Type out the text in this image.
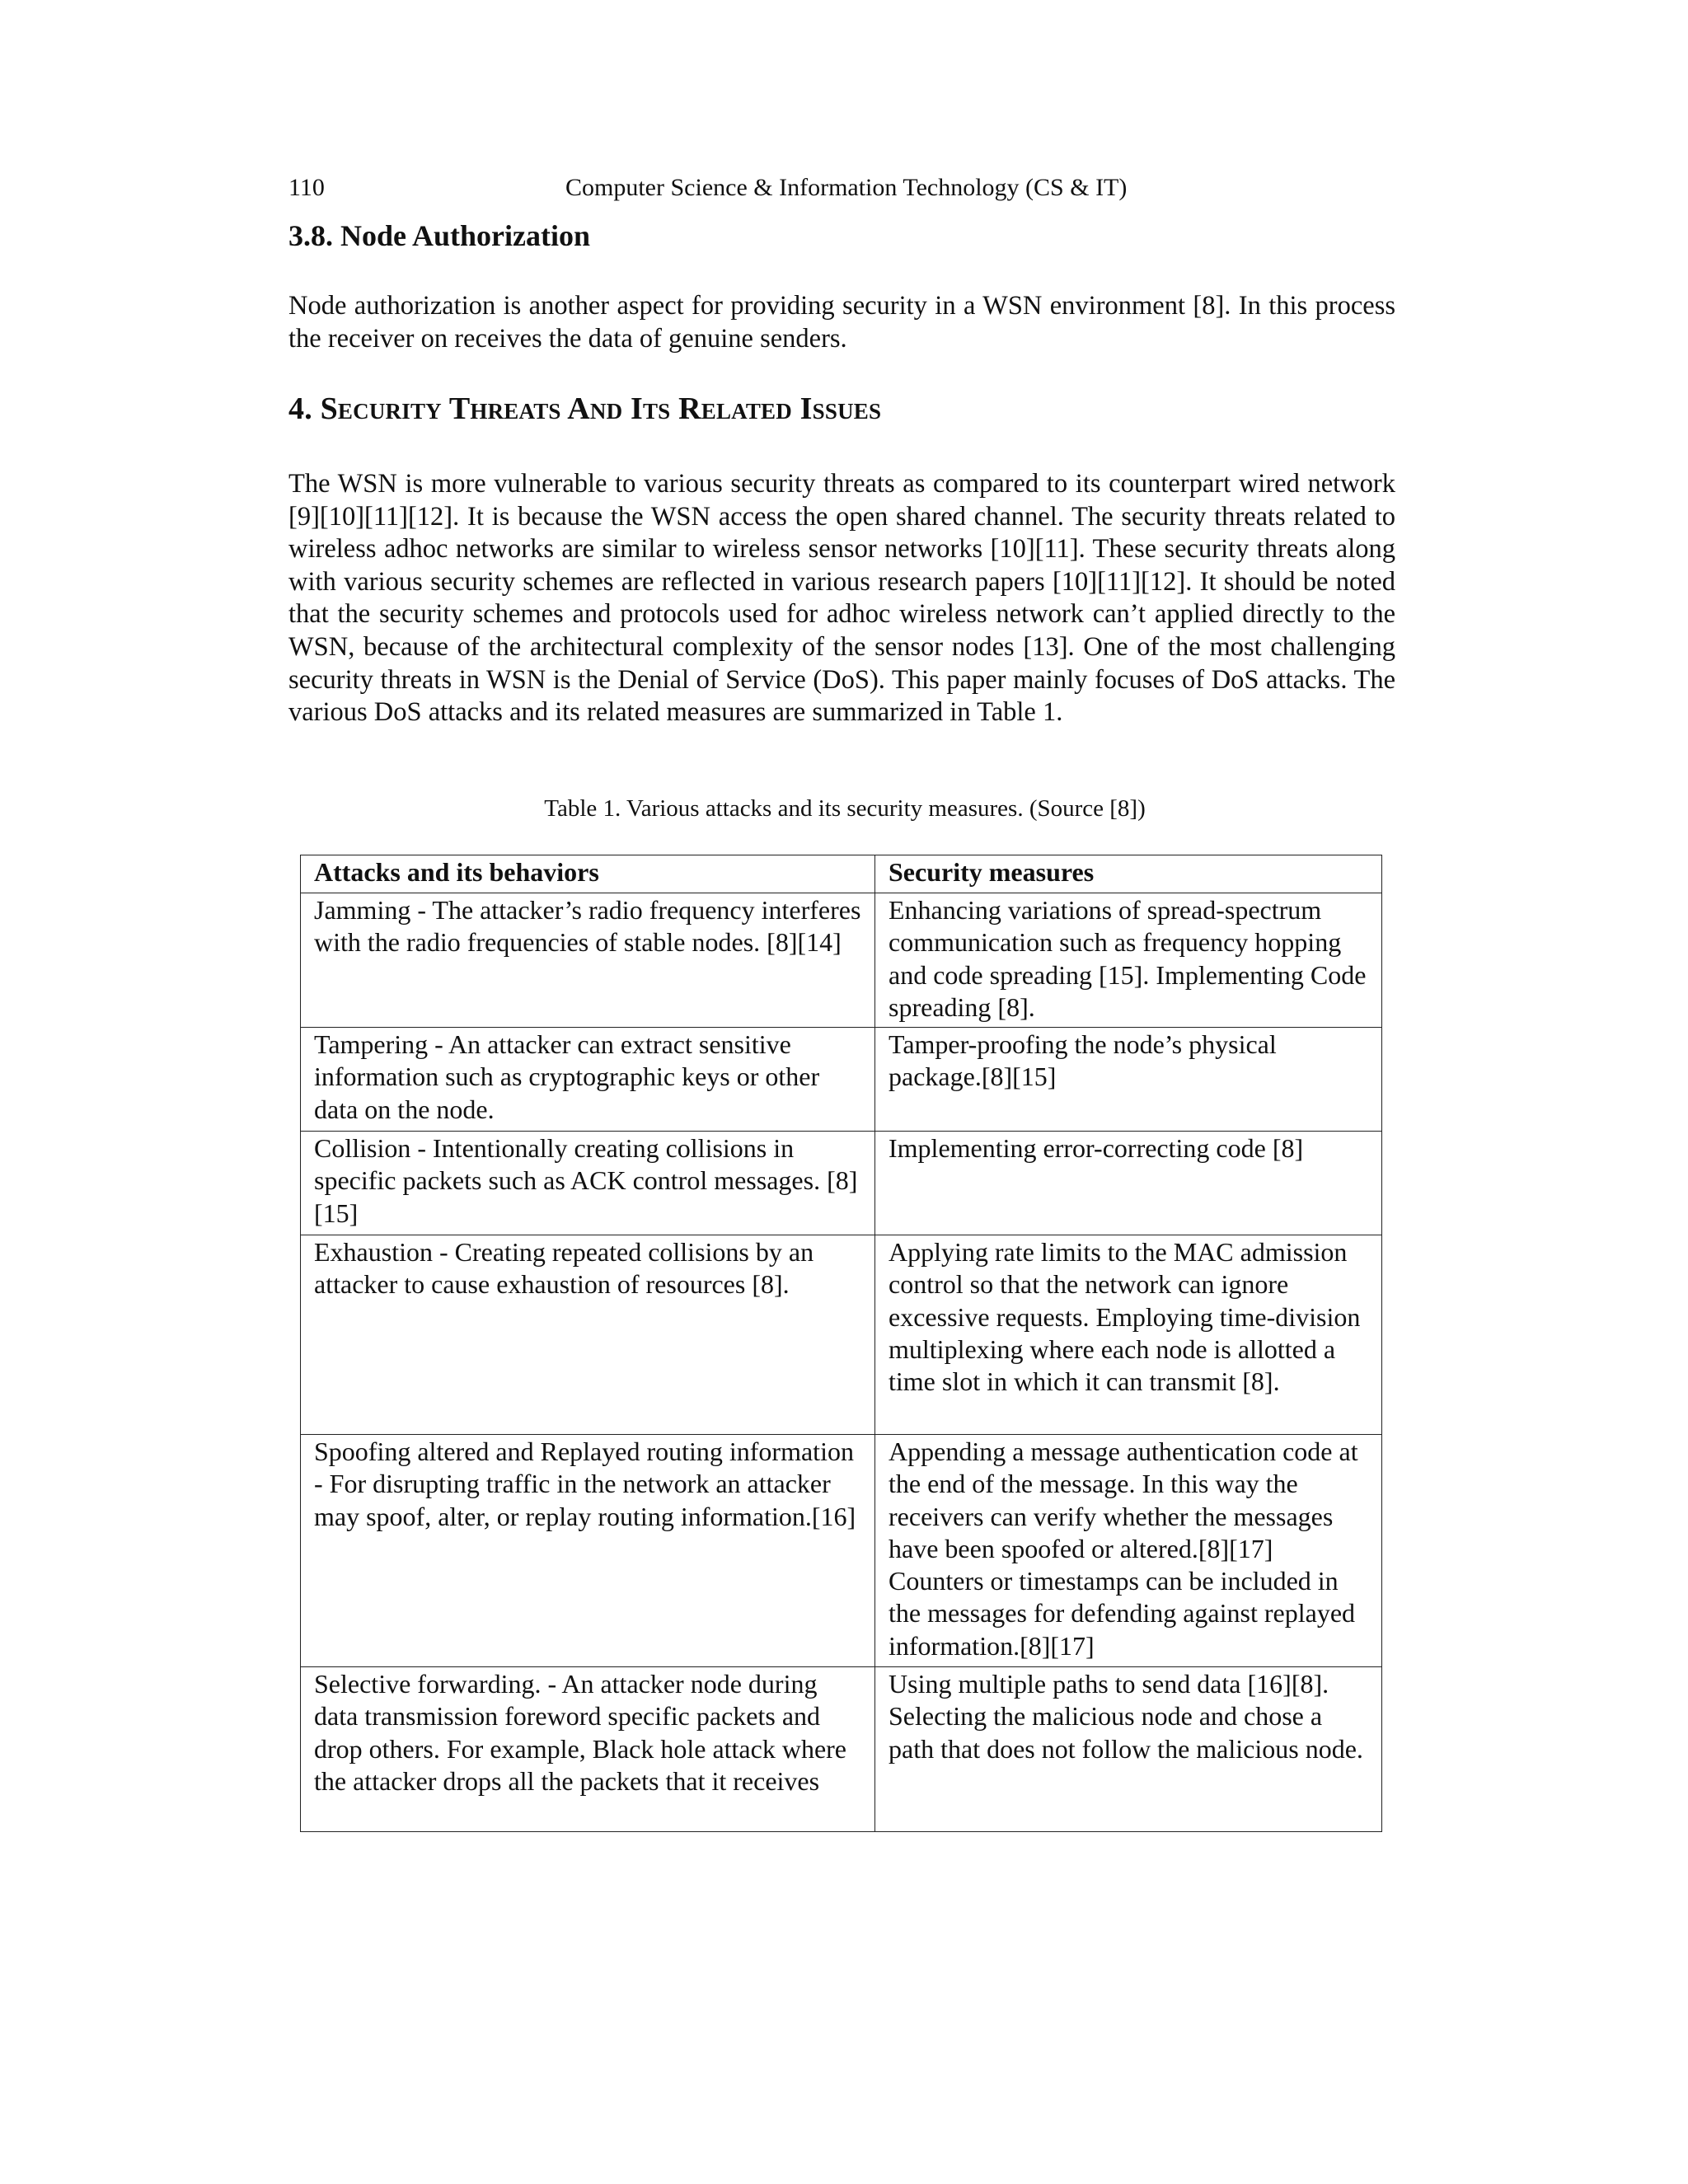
110	Computer Science & Information Technology (CS & IT)
3.8. Node Authorization

Node authorization is another aspect for providing security in a WSN environment [8]. In this process the receiver on receives the data of genuine senders.

4. Security Threats And Its Related Issues

The WSN is more vulnerable to various security threats as compared to its counterpart wired network [9][10][11][12]. It is because the WSN access the open shared channel. The security threats related to wireless adhoc networks are similar to wireless sensor networks [10][11]. These security threats along with various security schemes are reflected in various research papers [10][11][12]. It should be noted that the security schemes and protocols used for adhoc wireless network can’t applied directly to the WSN, because of the architectural complexity of the sensor nodes [13]. One of the most challenging security threats in WSN is the Denial of Service (DoS). This paper mainly focuses of DoS attacks. The various DoS attacks and its related measures are summarized in Table 1.

Table 1. Various attacks and its security measures. (Source [8])
Attacks and its behaviors	Security measures
Jamming - The attacker’s radio frequency interferes with the radio frequencies of stable nodes. [8][14]	Enhancing variations of spread-spectrum communication such as frequency hopping and code spreading [15]. Implementing Code spreading [8].
Tampering - An attacker can extract sensitive information such as cryptographic keys or other data on the node.	Tamper-proofing the node’s physical package.[8][15]
Collision - Intentionally creating collisions in specific packets such as ACK control messages. [8][15]	Implementing error-correcting code [8]
Exhaustion - Creating repeated collisions by an attacker to cause exhaustion of resources [8].	Applying rate limits to the MAC admission control so that the network can ignore excessive requests. Employing time-division multiplexing where each node is allotted a time slot in which it can transmit [8].
Spoofing altered and Replayed routing information - For disrupting traffic in the network an attacker may spoof, alter, or replay routing information.[16]	Appending a message authentication code at the end of the message. In this way the receivers can verify whether the messages have been spoofed or altered.[8][17] Counters or timestamps can be included in the messages for defending against replayed information.[8][17]
Selective forwarding. - An attacker node during data transmission foreword specific packets and drop others. For example, Black hole attack where the attacker drops all the packets that it receives	Using multiple paths to send data [16][8]. Selecting the malicious node and chose a path that does not follow the malicious node.
